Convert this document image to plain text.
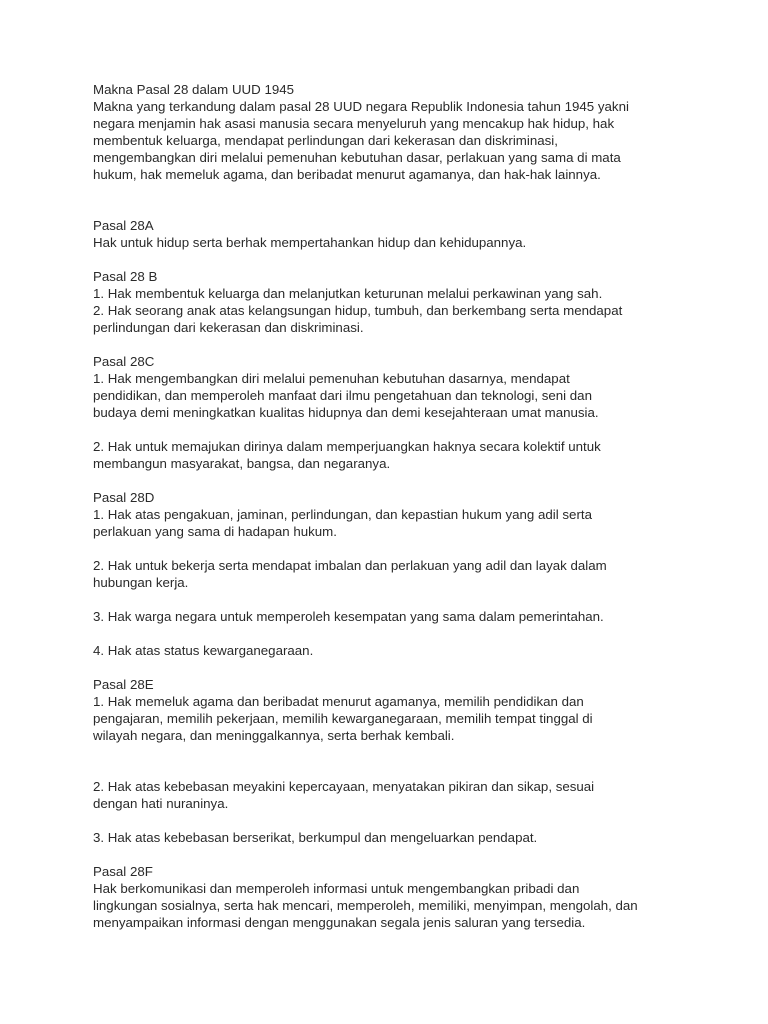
Makna Pasal 28 dalam UUD 1945
Makna yang terkandung dalam pasal 28 UUD negara Republik Indonesia tahun 1945 yakni
negara menjamin hak asasi manusia secara menyeluruh yang mencakup hak hidup, hak
membentuk keluarga, mendapat perlindungan dari kekerasan dan diskriminasi,
mengembangkan diri melalui pemenuhan kebutuhan dasar, perlakuan yang sama di mata
hukum, hak memeluk agama, dan beribadat menurut agamanya, dan hak-hak lainnya.
Pasal 28A
Hak untuk hidup serta berhak mempertahankan hidup dan kehidupannya.
Pasal 28 B
1. Hak membentuk keluarga dan melanjutkan keturunan melalui perkawinan yang sah.
2. Hak seorang anak atas kelangsungan hidup, tumbuh, dan berkembang serta mendapat
perlindungan dari kekerasan dan diskriminasi.
Pasal 28C
1. Hak mengembangkan diri melalui pemenuhan kebutuhan dasarnya, mendapat
pendidikan, dan memperoleh manfaat dari ilmu pengetahuan dan teknologi, seni dan
budaya demi meningkatkan kualitas hidupnya dan demi kesejahteraan umat manusia.
2. Hak untuk memajukan dirinya dalam memperjuangkan haknya secara kolektif untuk
membangun masyarakat, bangsa, dan negaranya.
Pasal 28D
1. Hak atas pengakuan, jaminan, perlindungan, dan kepastian hukum yang adil serta
perlakuan yang sama di hadapan hukum.
2. Hak untuk bekerja serta mendapat imbalan dan perlakuan yang adil dan layak dalam
hubungan kerja.
3. Hak warga negara untuk memperoleh kesempatan yang sama dalam pemerintahan.
4. Hak atas status kewarganegaraan.
Pasal 28E
1. Hak memeluk agama dan beribadat menurut agamanya, memilih pendidikan dan
pengajaran, memilih pekerjaan, memilih kewarganegaraan, memilih tempat tinggal di
wilayah negara, dan meninggalkannya, serta berhak kembali.
2. Hak atas kebebasan meyakini kepercayaan, menyatakan pikiran dan sikap, sesuai
dengan hati nuraninya.
3. Hak atas kebebasan berserikat, berkumpul dan mengeluarkan pendapat.
Pasal 28F
Hak berkomunikasi dan memperoleh informasi untuk mengembangkan pribadi dan
lingkungan sosialnya, serta hak mencari, memperoleh, memiliki, menyimpan, mengolah, dan
menyampaikan informasi dengan menggunakan segala jenis saluran yang tersedia.
